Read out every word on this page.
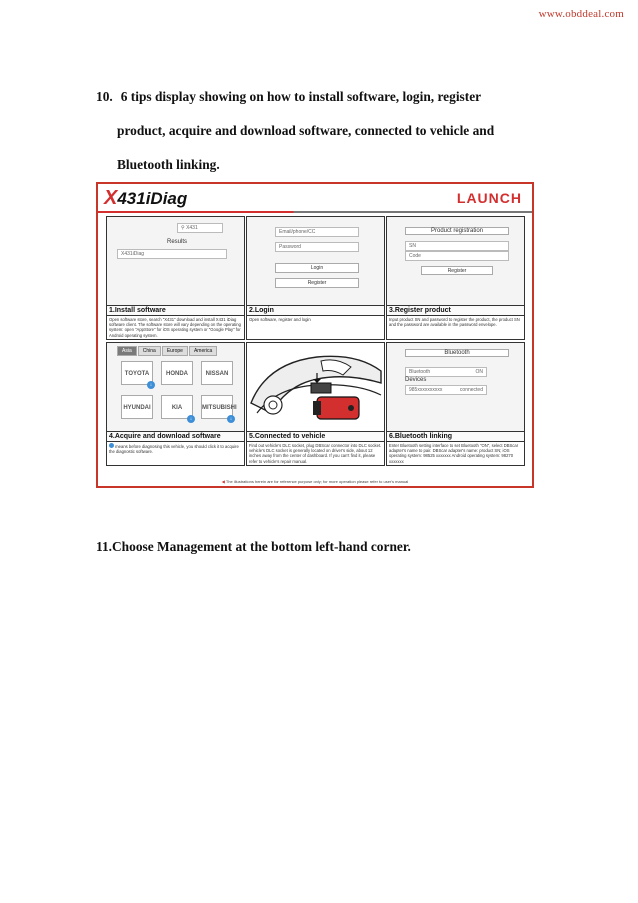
www.obddeal.com
10. 6 tips display showing on how to install software, login, register
product, acquire and download software, connected to vehicle and
Bluetooth linking.
X431iDiag	LAUNCH
⚲ X431
Results
X431iDiag
1.Install software
Open software store, search "X431" download and install X431 iDiag software client. The software store will vary depending on the operating system: open "AppStore" for iOS operating system or "Google Play" for Android operating system.
Email/phone/CC
Password
Login
Register
2.Login
Open software, register and login
Product registration
SN
Code
Register
3.Register product
Input product SN and password to register the product, the product SN and the password are available in the password envelope.
Asia	China	Europe	America
TOYOTA	HONDA	NISSAN
HYUNDAI	KIA	MITSUBISHI
↓
↓	↓
4.Acquire and download software
means before diagnosing this vehicle, you should click it to acquire the diagnostic software.
5.Connected to vehicle
Find out vehicle's DLC socket, plug DBScar connector into DLC socket. vehicle's DLC socket is generally located on driver's side, about 12 inches away from the center of dashboard. If you can't find it, please refer to vehicle's repair manual.
Bluetooth
Bluetooth	ON
Devices
985xxxxxxxxxx	connected
6.Bluetooth linking
Enter Bluetooth setting interface to set Bluetooth "ON", select DBScar adapter's name to pair. DBScar adapter's name: product SN; iOS operating system: 98525 xxxxxxx Android operating system: 98270 xxxxxxx
◀ The illustrations herein are for reference purpose only; for more operation please refer to user's manual
11.Choose Management at the bottom left-hand corner.
